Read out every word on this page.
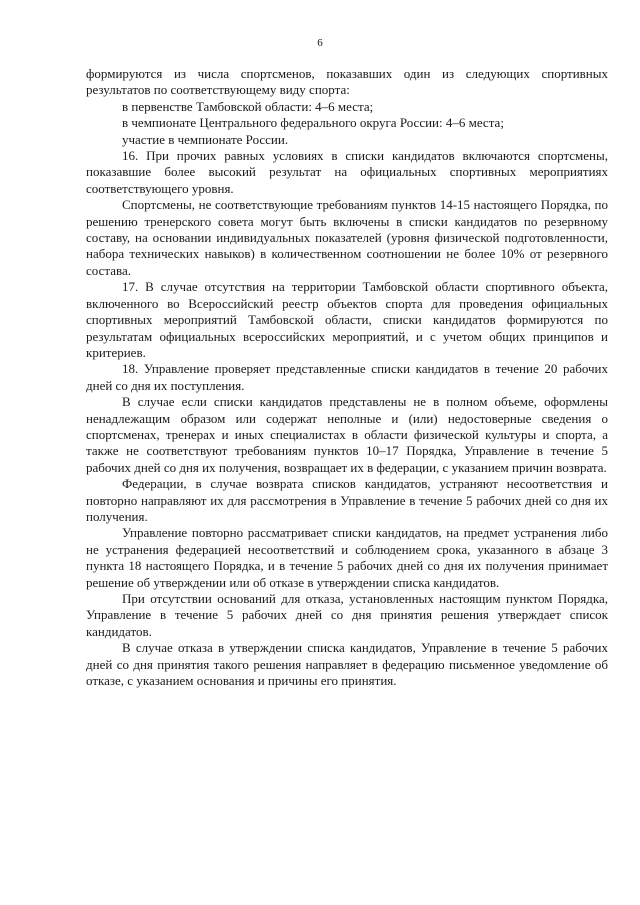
6

формируются из числа спортсменов, показавших один из следующих спортивных результатов по соответствующему виду спорта:

в первенстве Тамбовской области: 4–6 места;

в чемпионате Центрального федерального округа России: 4–6 места;

участие в чемпионате России.

16. При прочих равных условиях в списки кандидатов включаются спортсмены, показавшие более высокий результат на официальных спортивных мероприятиях соответствующего уровня.

Спортсмены, не соответствующие требованиям пунктов 14-15 настоящего Порядка, по решению тренерского совета могут быть включены в списки кандидатов по резервному составу, на основании индивидуальных показателей (уровня физической подготовленности, набора технических навыков) в количественном соотношении не более 10% от резервного состава.

17. В случае отсутствия на территории Тамбовской области спортивного объекта, включенного во Всероссийский реестр объектов спорта для проведения официальных спортивных мероприятий Тамбовской области, списки кандидатов формируются по результатам официальных всероссийских мероприятий, и с учетом общих принципов и критериев.

18. Управление проверяет представленные списки кандидатов в течение 20 рабочих дней со дня их поступления.

В случае если списки кандидатов представлены не в полном объеме, оформлены ненадлежащим образом или содержат неполные и (или) недостоверные сведения о спортсменах, тренерах и иных специалистах в области физической культуры и спорта, а также не соответствуют требованиям пунктов 10–17 Порядка, Управление в течение 5 рабочих дней со дня их получения, возвращает их в федерации, с указанием причин возврата.

Федерации, в случае возврата списков кандидатов, устраняют несоответствия и повторно направляют их для рассмотрения в Управление в течение 5 рабочих дней со дня их получения.

Управление повторно рассматривает списки кандидатов, на предмет устранения либо не устранения федерацией несоответствий и соблюдением срока, указанного в абзаце 3 пункта 18 настоящего Порядка, и в течение 5 рабочих дней со дня их получения принимает решение об утверждении или об отказе в утверждении списка кандидатов.

При отсутствии оснований для отказа, установленных настоящим пунктом Порядка, Управление в течение 5 рабочих дней со дня принятия решения утверждает список кандидатов.

В случае отказа в утверждении списка кандидатов, Управление в течение 5 рабочих дней со дня принятия такого решения направляет в федерацию письменное уведомление об отказе, с указанием основания и причины его принятия.
